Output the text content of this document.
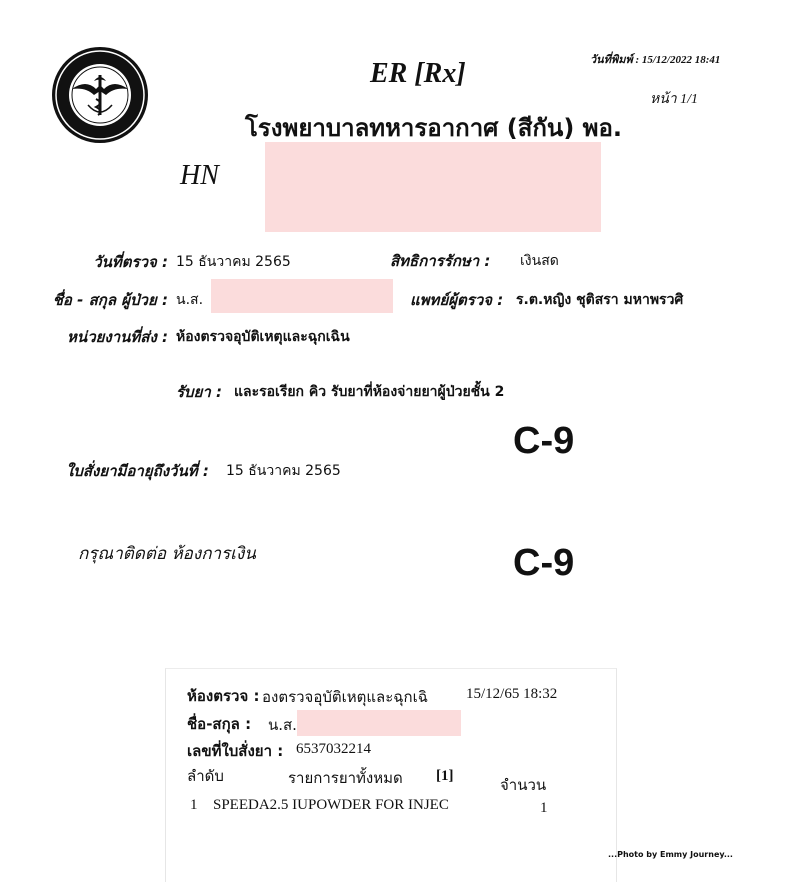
วันที่พิมพ์ : 15/12/2022 18:41
หน้า 1/1
ER [Rx]
โรงพยาบาลทหารอากาศ (สีกัน) พอ.
HN
วันที่ตรวจ : 15 ธันวาคม 2565	สิทธิการรักษา : เงินสด
ชื่อ - สกุล ผู้ป่วย : น.ส.	แพทย์ผู้ตรวจ : ร.ต.หญิง ชุติสรา มหาพรวศิ
หน่วยงานที่ส่ง : ห้องตรวจอุบัติเหตุและฉุกเฉิน
รับยา : และรอเรียก คิว รับยาที่ห้องจ่ายยาผู้ป่วยชั้น 2
C-9
ใบสั่งยามีอายุถึงวันที่ : 15 ธันวาคม 2565
กรุณาติดต่อ ห้องการเงิน	C-9
ห้องตรวจ : องตรวจอุบัติเหตุและฉุกเฉิ	15/12/65 18:32
ชื่อ-สกุล : น.ส.
เลขที่ใบสั่งยา : 6537032214
ลำดับ	รายการยาทั้งหมด [1]	จำนวน
1 SPEEDA2.5 IUPOWDER FOR INJEC	1
...Photo by Emmy Journey...
